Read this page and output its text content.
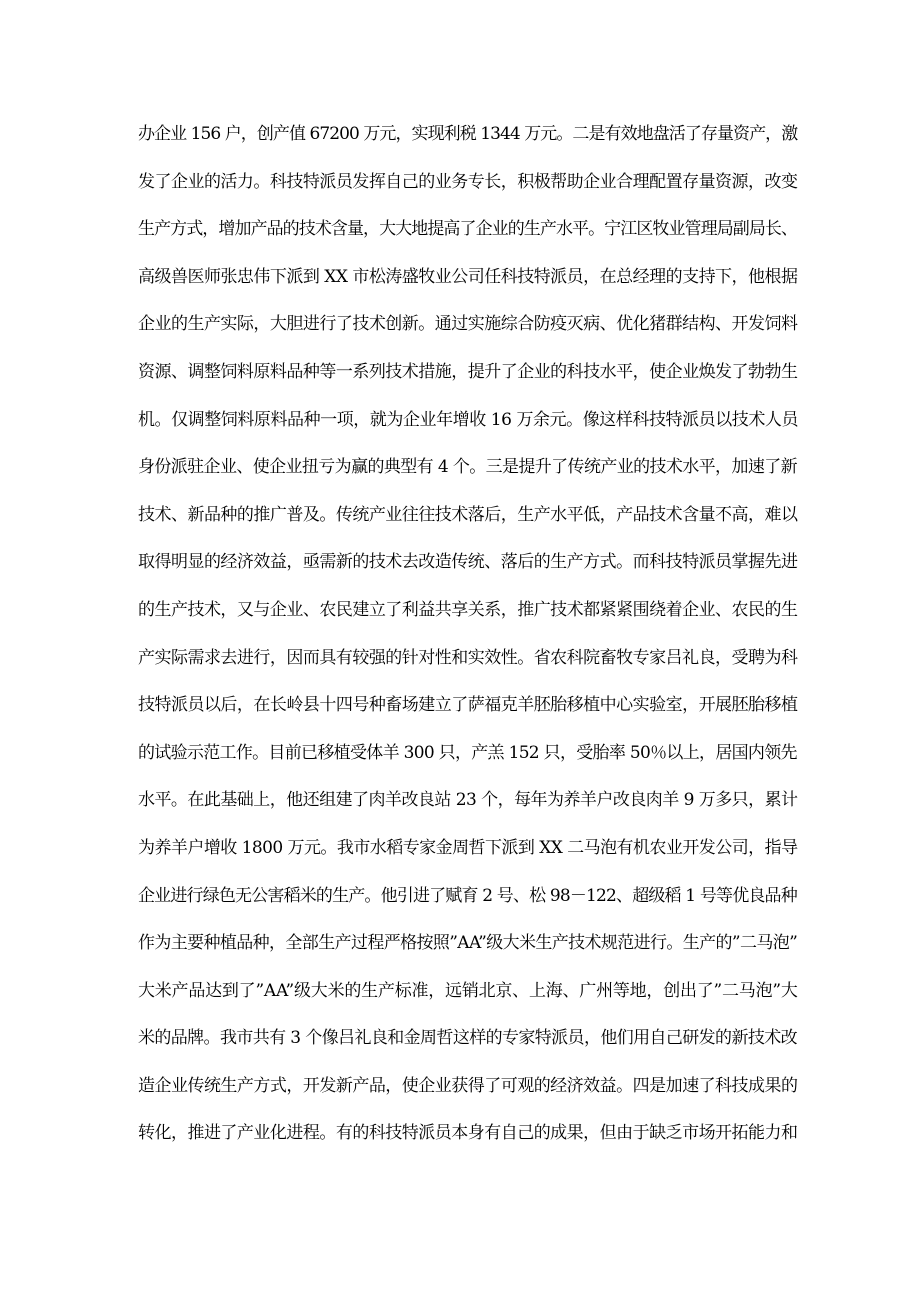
办企业 156 户，创产值 67200 万元，实现利税 1344 万元。二是有效地盘活了存量资产，激
发了企业的活力。科技特派员发挥自己的业务专长，积极帮助企业合理配置存量资源，改变
生产方式，增加产品的技术含量，大大地提高了企业的生产水平。宁江区牧业管理局副局长、
高级兽医师张忠伟下派到 XX 市松涛盛牧业公司任科技特派员，在总经理的支持下，他根据
企业的生产实际，大胆进行了技术创新。通过实施综合防疫灭病、优化猪群结构、开发饲料
资源、调整饲料原料品种等一系列技术措施，提升了企业的科技水平，使企业焕发了勃勃生
机。仅调整饲料原料品种一项，就为企业年增收 16 万余元。像这样科技特派员以技术人员
身份派驻企业、使企业扭亏为赢的典型有 4 个。三是提升了传统产业的技术水平，加速了新
技术、新品种的推广普及。传统产业往往技术落后，生产水平低，产品技术含量不高，难以
取得明显的经济效益，亟需新的技术去改造传统、落后的生产方式。而科技特派员掌握先进
的生产技术，又与企业、农民建立了利益共享关系，推广技术都紧紧围绕着企业、农民的生
产实际需求去进行，因而具有较强的针对性和实效性。省农科院畜牧专家吕礼良，受聘为科
技特派员以后，在长岭县十四号种畜场建立了萨福克羊胚胎移植中心实验室，开展胚胎移植
的试验示范工作。目前已移植受体羊 300 只，产羔 152 只，受胎率 50％以上，居国内领先
水平。在此基础上，他还组建了肉羊改良站 23 个，每年为养羊户改良肉羊 9 万多只，累计
为养羊户增收 1800 万元。我市水稻专家金周哲下派到 XX 二马泡有机农业开发公司，指导
企业进行绿色无公害稻米的生产。他引进了赋育 2 号、松 98－122、超级稻 1 号等优良品种
作为主要种植品种，全部生产过程严格按照”AA”级大米生产技术规范进行。生产的”二马泡”
大米产品达到了”AA”级大米的生产标准，远销北京、上海、广州等地，创出了”二马泡”大
米的品牌。我市共有 3 个像吕礼良和金周哲这样的专家特派员，他们用自己研发的新技术改
造企业传统生产方式，开发新产品，使企业获得了可观的经济效益。四是加速了科技成果的
转化，推进了产业化进程。有的科技特派员本身有自己的成果，但由于缺乏市场开拓能力和
